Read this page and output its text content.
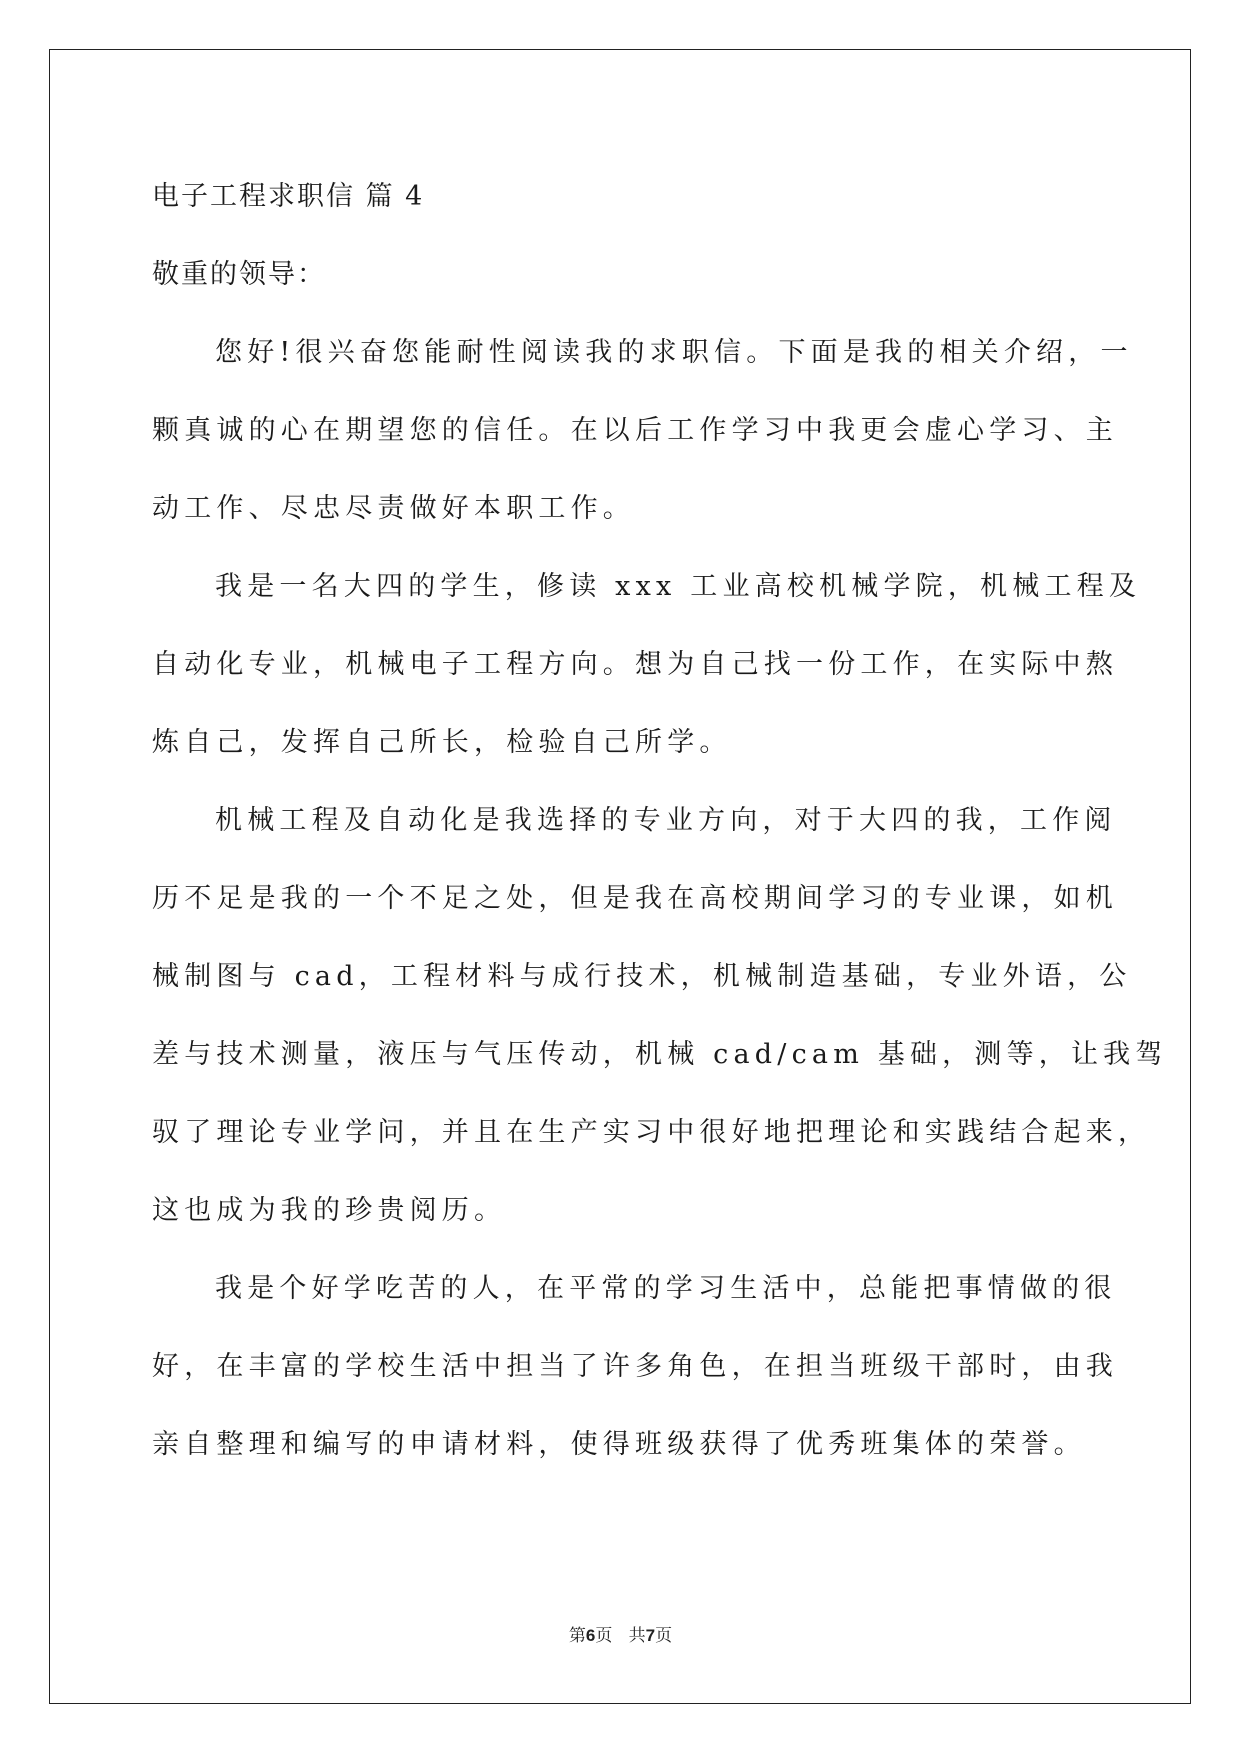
电子工程求职信 篇 4
敬重的领导：
您好!很兴奋您能耐性阅读我的求职信。下面是我的相关介绍，一
颗真诚的心在期望您的信任。在以后工作学习中我更会虚心学习、主
动工作、尽忠尽责做好本职工作。
我是一名大四的学生，修读 xxx 工业高校机械学院，机械工程及
自动化专业，机械电子工程方向。想为自己找一份工作，在实际中熬
炼自己，发挥自己所长，检验自己所学。
机械工程及自动化是我选择的专业方向，对于大四的我，工作阅
历不足是我的一个不足之处，但是我在高校期间学习的专业课，如机
械制图与 cad，工程材料与成行技术，机械制造基础，专业外语，公
差与技术测量，液压与气压传动，机械 cad/cam 基础，测等，让我驾
驭了理论专业学问，并且在生产实习中很好地把理论和实践结合起来，
这也成为我的珍贵阅历。
我是个好学吃苦的人，在平常的学习生活中，总能把事情做的很
好，在丰富的学校生活中担当了许多角色，在担当班级干部时，由我
亲自整理和编写的申请材料，使得班级获得了优秀班集体的荣誉。
第6页   共7页
